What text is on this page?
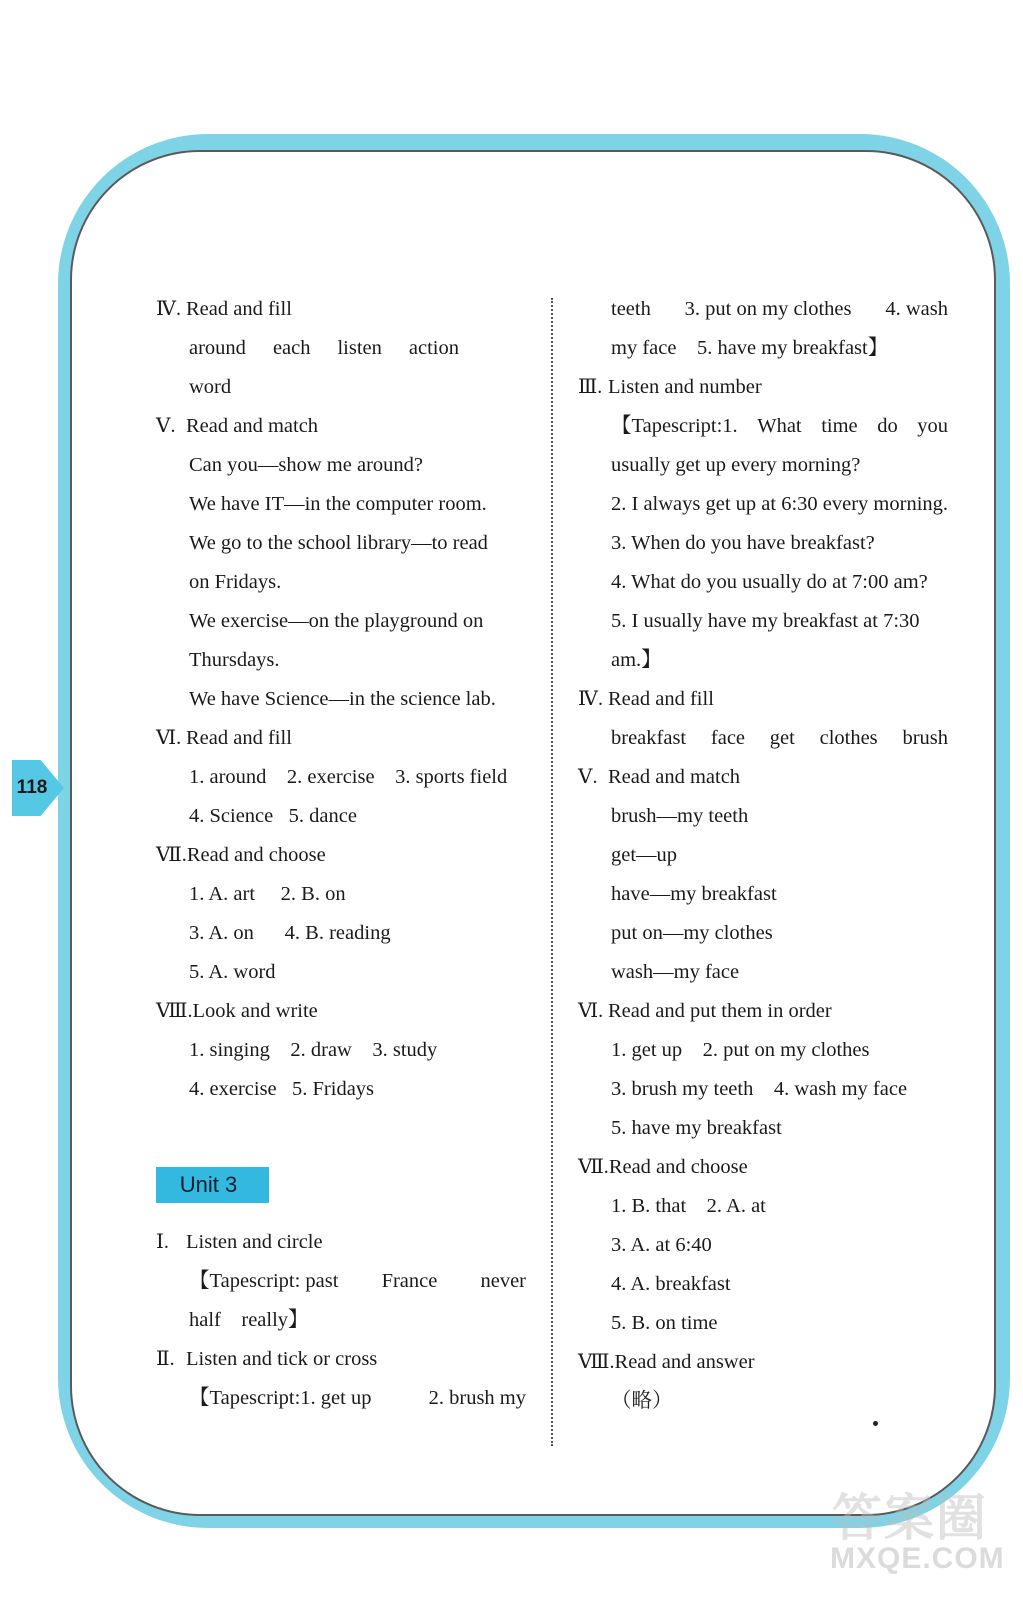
118
Ⅳ. Read and fill
around each listen action
word
Ⅴ. Read and match
Can you—show me around?
We have IT—in the computer room.
We go to the school library—to read
on Fridays.
We exercise—on the playground on
Thursdays.
We have Science—in the science lab.
Ⅵ. Read and fill
1. around    2. exercise    3. sports field
4. Science   5. dance
Ⅶ.Read and choose
1. A. art     2. B. on
3. A. on      4. B. reading
5. A. word
Ⅷ.Look and write
1. singing    2. draw    3. study
4. exercise   5. Fridays
Unit 3
Ⅰ. Listen and circle
【Tapescript: past France never
half    really】
Ⅱ. Listen and tick or cross
【Tapescript:1. get up	2. brush my
teeth 3. put on my clothes 4. wash
my face    5. have my breakfast】
Ⅲ. Listen and number
【Tapescript:1. What time do you
usually get up every morning?
2. I always get up at 6:30 every morning.
3. When do you have breakfast?
4. What do you usually do at 7:00 am?
5. I usually have my breakfast at 7:30
am.】
Ⅳ. Read and fill
breakfast face get clothes brush
Ⅴ. Read and match
brush—my teeth
get—up
have—my breakfast
put on—my clothes
wash—my face
Ⅵ. Read and put them in order
1. get up    2. put on my clothes
3. brush my teeth    4. wash my face
5. have my breakfast
Ⅶ.Read and choose
1. B. that    2. A. at
3. A. at 6:40
4. A. breakfast
5. B. on time
Ⅷ.Read and answer
（略）
答案圈
MXQE.COM
